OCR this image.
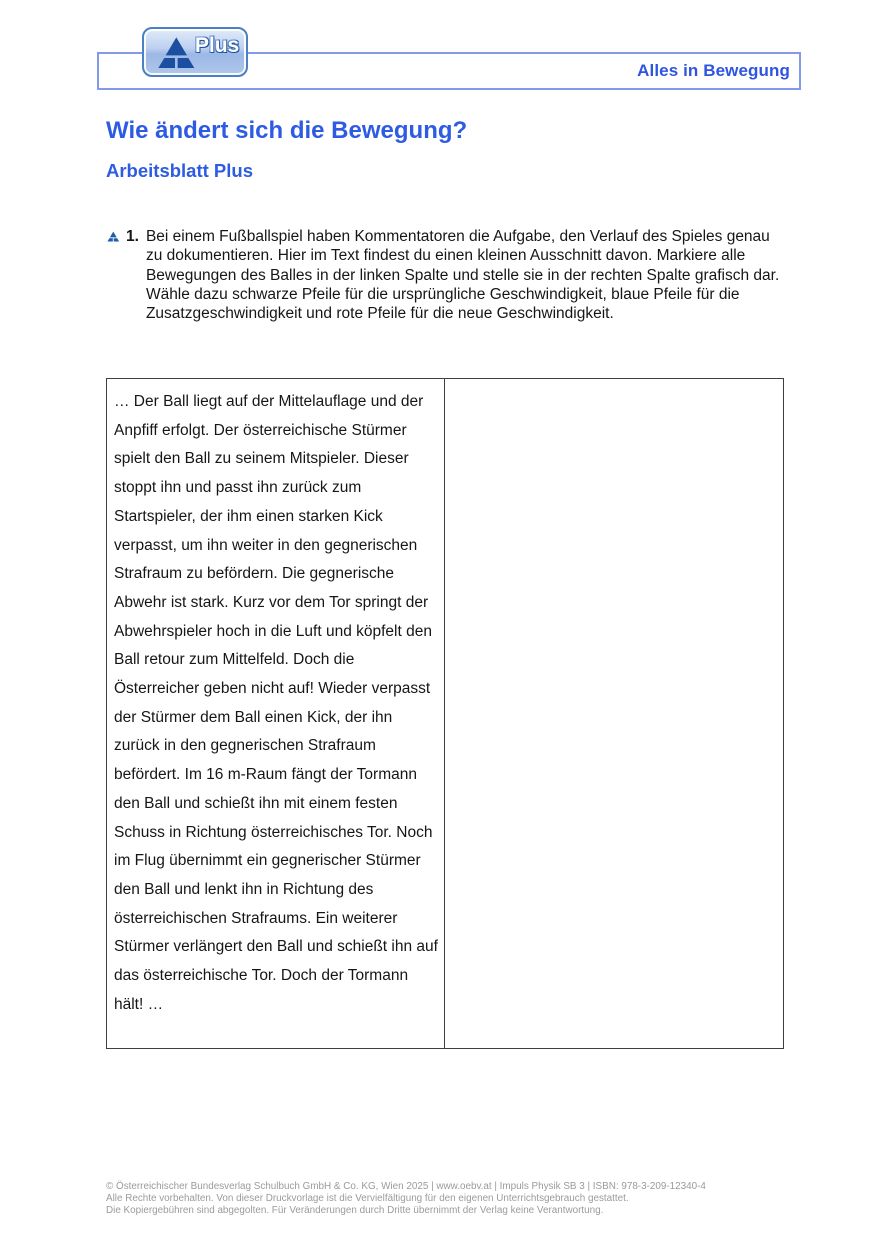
Alles in Bewegung
Plus
Wie ändert sich die Bewegung?
Arbeitsblatt Plus
1. Bei einem Fußballspiel haben Kommentatoren die Aufgabe, den Verlauf des Spieles genau zu dokumentieren. Hier im Text findest du einen kleinen Ausschnitt davon. Markiere alle Bewegungen des Balles in der linken Spalte und stelle sie in der rechten Spalte grafisch dar. Wähle dazu schwarze Pfeile für die ursprüngliche Geschwindigkeit, blaue Pfeile für die Zusatzgeschwindigkeit und rote Pfeile für die neue Geschwindigkeit.
… Der Ball liegt auf der Mittelauflage und der Anpfiff erfolgt. Der österreichische Stürmer spielt den Ball zu seinem Mitspieler. Dieser stoppt ihn und passt ihn zurück zum Startspieler, der ihm einen starken Kick verpasst, um ihn weiter in den gegnerischen Strafraum zu befördern. Die gegnerische Abwehr ist stark. Kurz vor dem Tor springt der Abwehrspieler hoch in die Luft und köpfelt den Ball retour zum Mittelfeld. Doch die Österreicher geben nicht auf! Wieder verpasst der Stürmer dem Ball einen Kick, der ihn zurück in den gegnerischen Strafraum befördert. Im 16 m-Raum fängt der Tormann den Ball und schießt ihn mit einem festen Schuss in Richtung österreichisches Tor. Noch im Flug übernimmt ein gegnerischer Stürmer den Ball und lenkt ihn in Richtung des österreichischen Strafraums. Ein weiterer Stürmer verlängert den Ball und schießt ihn auf das österreichische Tor. Doch der Tormann hält! …
© Österreichischer Bundesverlag Schulbuch GmbH & Co. KG, Wien 2025 | www.oebv.at | Impuls Physik SB 3 | ISBN: 978-3-209-12340-4
Alle Rechte vorbehalten. Von dieser Druckvorlage ist die Vervielfältigung für den eigenen Unterrichtsgebrauch gestattet.
Die Kopiergebühren sind abgegolten. Für Veränderungen durch Dritte übernimmt der Verlag keine Verantwortung.
